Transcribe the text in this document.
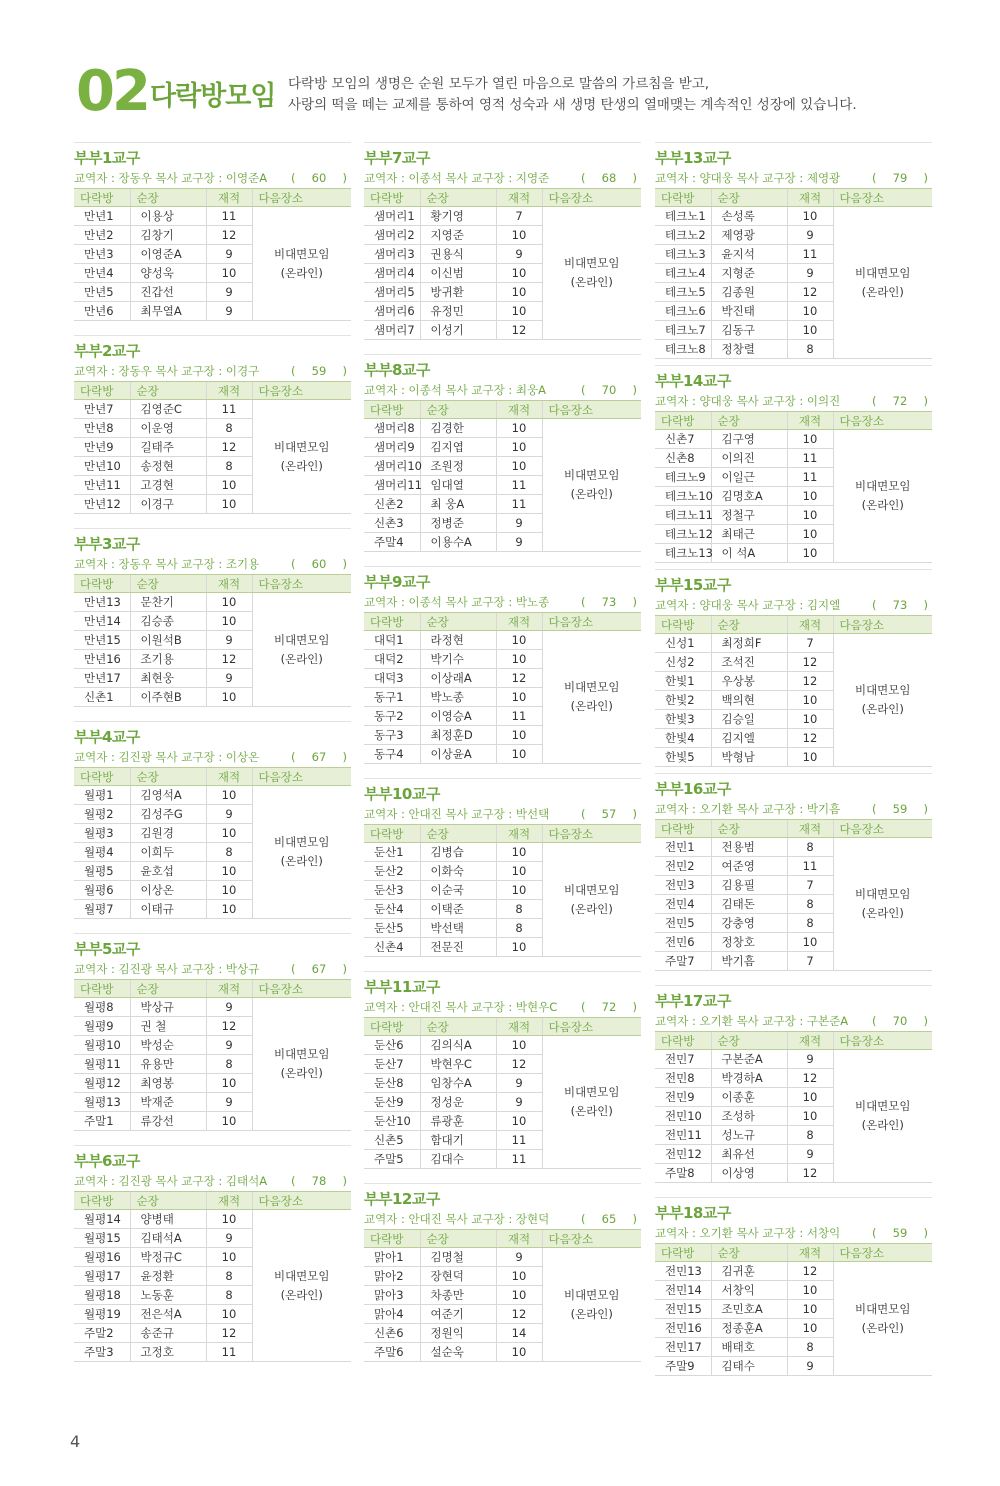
02 다락방모임 다락방 모임의 생명은 순원 모두가 열린 마음으로 말씀의 가르침을 받고,
사랑의 떡을 떼는 교제를 통하여 영적 성숙과 새 생명 탄생의 열매맺는 계속적인 성장에 있습니다.
부부1교구
교역자 : 장동우 목사 교구장 : 이영준A ( 60 )
다락방	순장	재적	다음장소
만년1	이용상	11	비대면모임
(온라인)

만년2	김창기	12	
만년3	이영준A	9	
만년4	양성욱	10	
만년5	진갑선	9	
만년6	최무열A	9	
부부2교구
교역자 : 장동우 목사 교구장 : 이경구	( 59 )
다락방	순장	재적	다음장소
만년7	김영준C	11	비대면모임
(온라인)

만년8	이운영	8	
만년9	길태주	12	
만년10	송정현	8	
만년11	고경현	10	
만년12	이경구	10	
부부3교구
교역자 : 장동우 목사 교구장 : 조기용	( 60 )
다락방	순장	재적	다음장소
만년13	문찬기	10	비대면모임
(온라인)

만년14	김승종	10	
만년15	이원석B	9	
만년16	조기용	12	
만년17	최현웅	9	
신촌1	이주현B	10	
부부4교구
교역자 : 김진광 목사 교구장 : 이상온	( 67 )
다락방	순장	재적	다음장소
월평1	김영석A	10	비대면모임
(온라인)

월평2	김성주G	9	
월평3	김원경	10	
월평4	이희두	8	
월평5	윤호섭	10	
월평6	이상온	10	
월평7	이태규	10	
부부5교구
교역자 : 김진광 목사 교구장 : 박상규	( 67 )
다락방	순장	재적	다음장소
월평8	박상규	9	비대면모임
(온라인)

월평9	권 철	12	
월평10	박성순	9	
월평11	유용만	8	
월평12	최영봉	10	
월평13	박재준	9	
주말1	류강선	10	
부부6교구
교역자 : 김진광 목사 교구장 : 김태석A ( 78 )
다락방	순장	재적	다음장소
월평14	양병태	10	비대면모임
(온라인)

월평15	김태석A	9	
월평16	박정규C	10	
월평17	윤정환	8	
월평18	노동훈	8	
월평19	전은석A	10	
주말2	송준규	12	
주말3	고정호	11	
부부7교구
교역자 : 이종석 목사 교구장 : 지영준	( 68 )
다락방	순장	재적	다음장소
샘머리1	황기영	7	비대면모임
(온라인)

샘머리2	지영준	10	
샘머리3	권용식	9	
샘머리4	이신범	10	
샘머리5	방귀환	10	
샘머리6	유정민	10	
샘머리7	이성기	12	
부부8교구
교역자 : 이종석 목사 교구장 : 최웅A	( 70 )
다락방	순장	재적	다음장소
샘머리8	김경한	10	비대면모임
(온라인)

샘머리9	김지엽	10	
샘머리10	조원정	10	
샘머리11	임대열	11	
신촌2	최 웅A	11	
신촌3	정병준	9	
주말4	이용수A	9	
부부9교구
교역자 : 이종석 목사 교구장 : 박노종	( 73 )
다락방	순장	재적	다음장소
대덕1	라정현	10	비대면모임
(온라인)

대덕2	박기수	10	
대덕3	이상래A	12	
동구1	박노종	10	
동구2	이영승A	11	
동구3	최정훈D	10	
동구4	이상윤A	10	
부부10교구
교역자 : 안대진 목사 교구장 : 박선택	( 57 )
다락방	순장	재적	다음장소
둔산1	김병습	10	비대면모임
(온라인)

둔산2	이화숙	10	
둔산3	이순국	10	
둔산4	이택준	8	
둔산5	박선택	8	
신촌4	전문진	10	
부부11교구
교역자 : 안대진 목사 교구장 : 박현우C ( 72 )
다락방	순장	재적	다음장소
둔산6	김의식A	10	비대면모임
(온라인)

둔산7	박현우C	12	
둔산8	임창수A	9	
둔산9	정성운	9	
둔산10	류광훈	10	
신촌5	함대기	11	
주말5	김대수	11	
부부12교구
교역자 : 안대진 목사 교구장 : 장현덕	( 65 )
다락방	순장	재적	다음장소
맑아1	김명철	9	비대면모임
(온라인)

맑아2	장현덕	10	
맑아3	차종만	10	
맑아4	여준기	12	
신촌6	정원익	14	
주말6	설순욱	10	
부부13교구
교역자 : 양대웅 목사 교구장 : 제영광	( 79 )
다락방	순장	재적	다음장소
테크노1	손성록	10	비대면모임
(온라인)

테크노2	제영광	9	
테크노3	윤지석	11	
테크노4	지형준	9	
테크노5	김종원	12	
테크노6	박진태	10	
테크노7	김동구	10	
테크노8	정창렬	8	
부부14교구
교역자 : 양대웅 목사 교구장 : 이의진	( 72 )
다락방	순장	재적	다음장소
신촌7	김구영	10	비대면모임
(온라인)

신촌8	이의진	11	
테크노9	이일근	11	
테크노10	김명호A	10	
테크노11	정철구	10	
테크노12	최태근	10	
테크노13	이 석A	10	
부부15교구
교역자 : 양대웅 목사 교구장 : 김지엘	( 73 )
다락방	순장	재적	다음장소
신성1	최정희F	7	비대면모임
(온라인)

신성2	조석진	12	
한빛1	우상봉	12	
한빛2	백의현	10	
한빛3	김승일	10	
한빛4	김지엘	12	
한빛5	박형남	10	
부부16교구
교역자 : 오기환 목사 교구장 : 박기흠	( 59 )
다락방	순장	재적	다음장소
전민1	전용범	8	비대면모임
(온라인)

전민2	여준영	11	
전민3	김용필	7	
전민4	김태돈	8	
전민5	강충영	8	
전민6	정창호	10	
주말7	박기흠	7	
부부17교구
교역자 : 오기환 목사 교구장 : 구본준A ( 70 )
다락방	순장	재적	다음장소
전민7	구본준A	9	비대면모임
(온라인)

전민8	박경하A	12	
전민9	이종훈	10	
전민10	조성하	10	
전민11	성노규	8	
전민12	최유선	9	
주말8	이상영	12	
부부18교구
교역자 : 오기환 목사 교구장 : 서창익	( 59 )
다락방	순장	재적	다음장소
전민13	김귀훈	12	비대면모임
(온라인)

전민14	서창익	10	
전민15	조민호A	10	
전민16	정종훈A	10	
전민17	배태호	8	
주말9	김태수	9	
4
